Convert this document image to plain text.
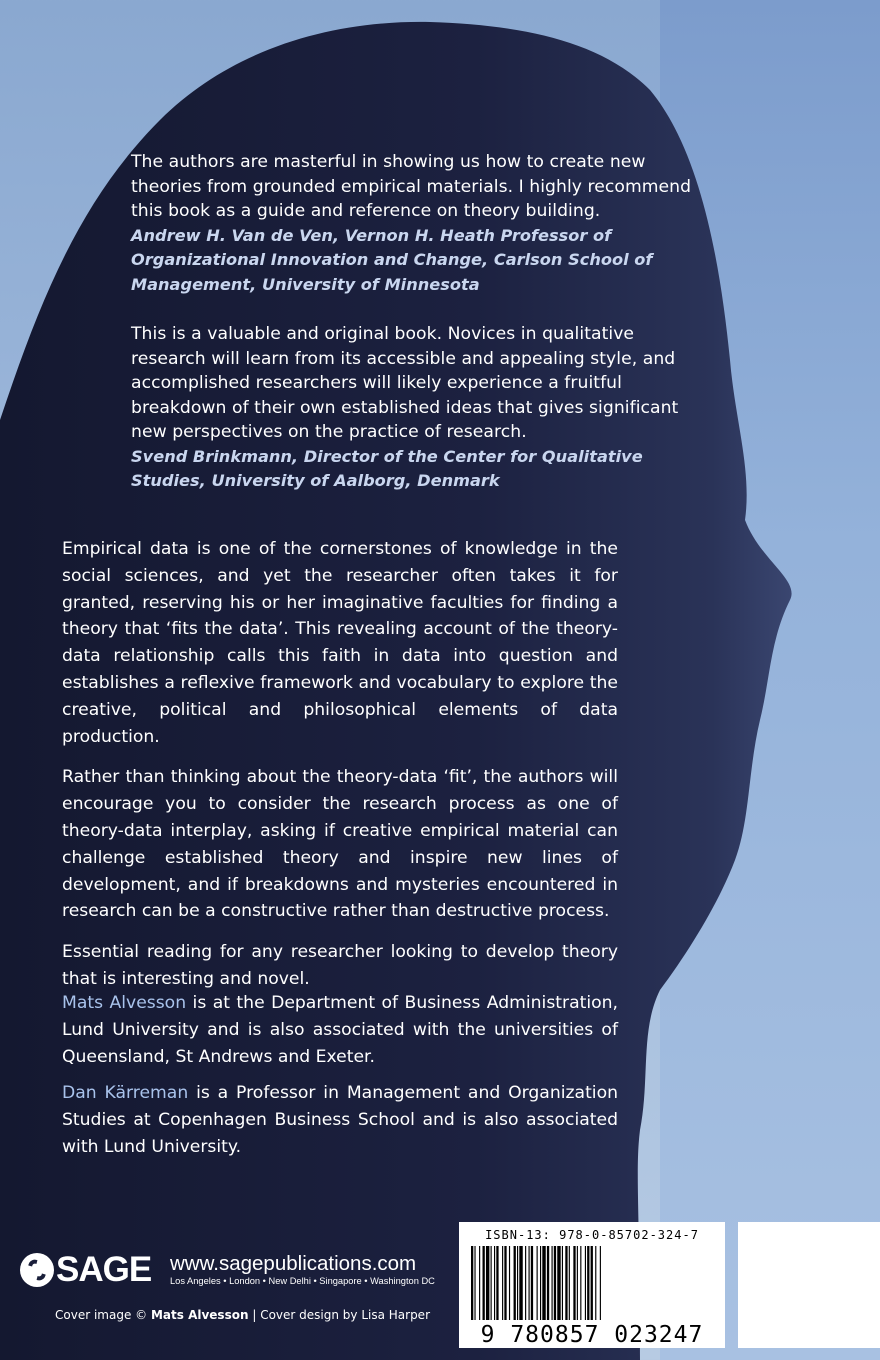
The authors are masterful in showing us how to create new theories from grounded empirical materials. I highly recommend this book as a guide and reference on theory building.
Andrew H. Van de Ven, Vernon H. Heath Professor of Organizational Innovation and Change, Carlson School of Management, University of Minnesota
This is a valuable and original book. Novices in qualitative research will learn from its accessible and appealing style, and accomplished researchers will likely experience a fruitful breakdown of their own established ideas that gives significant new perspectives on the practice of research.
Svend Brinkmann, Director of the Center for Qualitative Studies, University of Aalborg, Denmark

Empirical data is one of the cornerstones of knowledge in the social sciences, and yet the researcher often takes it for granted, reserving his or her imaginative faculties for finding a theory that ‘fits the data’. This revealing account of the theory-data relationship calls this faith in data into question and establishes a reflexive framework and vocabulary to explore the creative, political and philosophical elements of data production.

Rather than thinking about the theory-data ‘fit’, the authors will encourage you to consider the research process as one of theory-data interplay, asking if creative empirical material can challenge established theory and inspire new lines of development, and if breakdowns and mysteries encountered in research can be a constructive rather than destructive process.

Essential reading for any researcher looking to develop theory that is interesting and novel.

Mats Alvesson is at the Department of Business Administration, Lund University and is also associated with the universities of Queensland, St Andrews and Exeter.

Dan Kärreman is a Professor in Management and Organization Studies at Copenhagen Business School and is also associated with Lund University.

SAGE www.sagepublications.com
Los Angeles • London • New Delhi • Singapore • Washington DC
Cover image © Mats Alvesson | Cover design by Lisa Harper
ISBN-13: 978-0-85702-324-7
9 780857 023247
